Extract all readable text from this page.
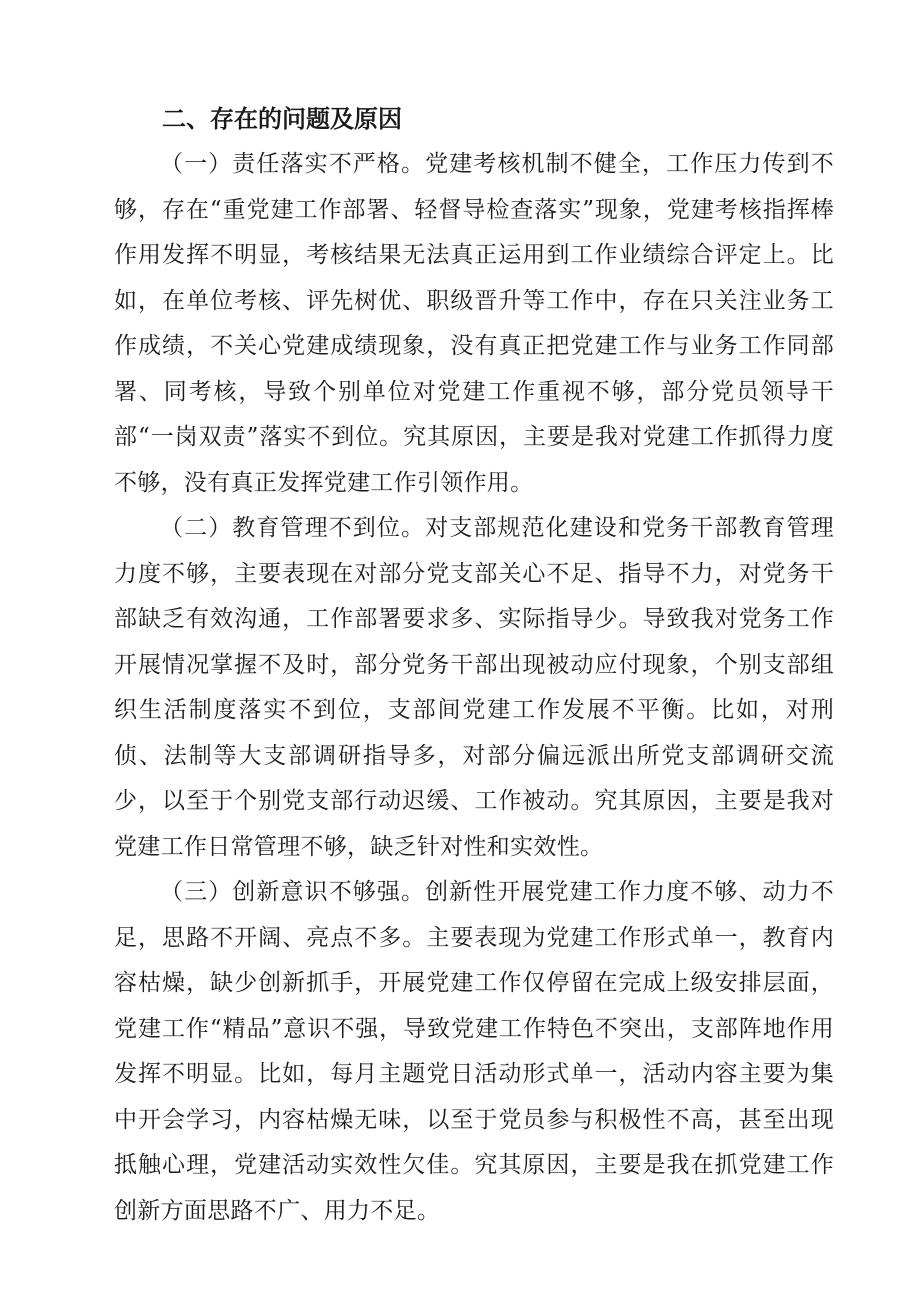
二、存在的问题及原因

（一）责任落实不严格。党建考核机制不健全，工作压力传到不够，存在“重党建工作部署、轻督导检查落实”现象，党建考核指挥棒作用发挥不明显，考核结果无法真正运用到工作业绩综合评定上。比如，在单位考核、评先树优、职级晋升等工作中，存在只关注业务工作成绩，不关心党建成绩现象，没有真正把党建工作与业务工作同部署、同考核，导致个别单位对党建工作重视不够，部分党员领导干部“一岗双责”落实不到位。究其原因，主要是我对党建工作抓得力度不够，没有真正发挥党建工作引领作用。

（二）教育管理不到位。对支部规范化建设和党务干部教育管理力度不够，主要表现在对部分党支部关心不足、指导不力，对党务干部缺乏有效沟通，工作部署要求多、实际指导少。导致我对党务工作开展情况掌握不及时，部分党务干部出现被动应付现象，个别支部组织生活制度落实不到位，支部间党建工作发展不平衡。比如，对刑侦、法制等大支部调研指导多，对部分偏远派出所党支部调研交流少，以至于个别党支部行动迟缓、工作被动。究其原因，主要是我对党建工作日常管理不够，缺乏针对性和实效性。

（三）创新意识不够强。创新性开展党建工作力度不够、动力不足，思路不开阔、亮点不多。主要表现为党建工作形式单一，教育内容枯燥，缺少创新抓手，开展党建工作仅停留在完成上级安排层面，党建工作“精品”意识不强，导致党建工作特色不突出，支部阵地作用发挥不明显。比如，每月主题党日活动形式单一，活动内容主要为集中开会学习，内容枯燥无味，以至于党员参与积极性不高，甚至出现抵触心理，党建活动实效性欠佳。究其原因，主要是我在抓党建工作创新方面思路不广、用力不足。
